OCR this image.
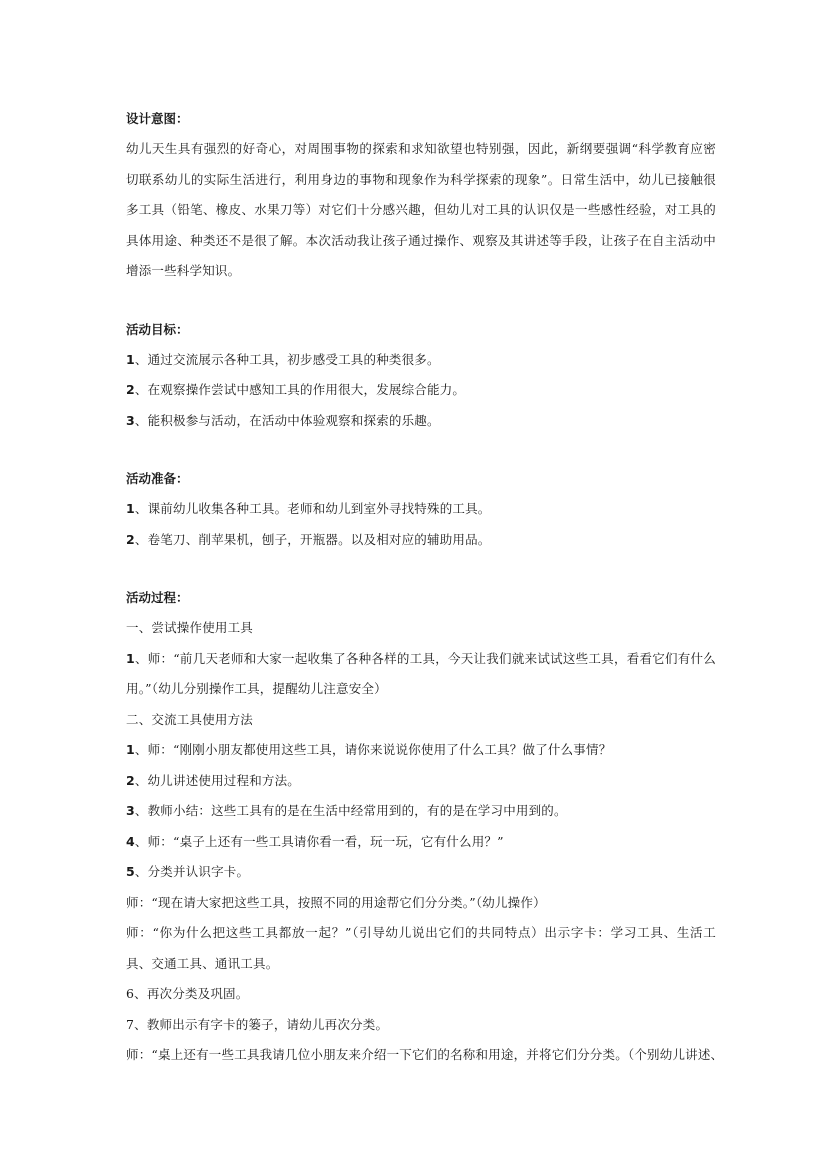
设计意图：

幼儿天生具有强烈的好奇心，对周围事物的探索和求知欲望也特别强，因此，新纲要强调“科学教育应密切联系幼儿的实际生活进行，利用身边的事物和现象作为科学探索的现象”。日常生活中，幼儿已接触很多工具（铅笔、橡皮、水果刀等）对它们十分感兴趣，但幼儿对工具的认识仅是一些感性经验，对工具的具体用途、种类还不是很了解。本次活动我让孩子通过操作、观察及其讲述等手段，让孩子在自主活动中增添一些科学知识。

活动目标：

1、通过交流展示各种工具，初步感受工具的种类很多。

2、在观察操作尝试中感知工具的作用很大，发展综合能力。

3、能积极参与活动，在活动中体验观察和探索的乐趣。

活动准备：

1、课前幼儿收集各种工具。老师和幼儿到室外寻找特殊的工具。

2、卷笔刀、削苹果机，刨子，开瓶器。以及相对应的辅助用品。

活动过程：

一、尝试操作使用工具

1、师：“前几天老师和大家一起收集了各种各样的工具，今天让我们就来试试这些工具，看看它们有什么用。”（幼儿分别操作工具，提醒幼儿注意安全）

二、交流工具使用方法

1、师：“刚刚小朋友都使用这些工具，请你来说说你使用了什么工具？做了什么事情？

2、幼儿讲述使用过程和方法。

3、教师小结：这些工具有的是在生活中经常用到的，有的是在学习中用到的。

4、师：“桌子上还有一些工具请你看一看，玩一玩，它有什么用？”

5、分类并认识字卡。

师：“现在请大家把这些工具，按照不同的用途帮它们分分类。”（幼儿操作）

师：“你为什么把这些工具都放一起？”（引导幼儿说出它们的共同特点）出示字卡：学习工具、生活工具、交通工具、通讯工具。

6、再次分类及巩固。

7、教师出示有字卡的篓子，请幼儿再次分类。

师：“桌上还有一些工具我请几位小朋友来介绍一下它们的名称和用途，并将它们分分类。（个别幼儿讲述、
